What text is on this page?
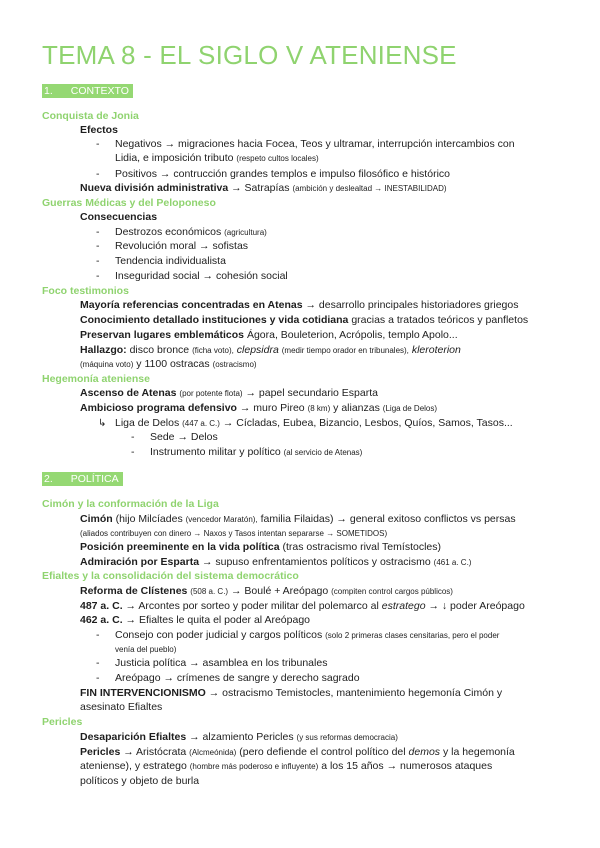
TEMA 8 - EL SIGLO V ATENIENSE
1. CONTEXTO
Conquista de Jonia
Efectos
- Negativos → migraciones hacia Focea, Teos y ultramar, interrupción intercambios con
Lidia, e imposición tributo (respeto cultos locales)
- Positivos → contrucción grandes templos e impulso filosófico e histórico
Nueva división administrativa → Satrapías (ambición y deslealtad → INESTABILIDAD)
Guerras Médicas y del Peloponeso
Consecuencias
- Destrozos económicos (agricultura)
- Revolución moral → sofistas
- Tendencia individualista
- Inseguridad social → cohesión social
Foco testimonios
Mayoría referencias concentradas en Atenas → desarrollo principales historiadores griegos
Conocimiento detallado instituciones y vida cotidiana gracias a tratados teóricos y panfletos
Preservan lugares emblemáticos Ágora, Bouleterion, Acrópolis, templo Apolo...
Hallazgo: disco bronce (ficha voto), clepsidra (medir tiempo orador en tribunales), kleroterion
(máquina voto) y 1100 ostracas (ostracismo)
Hegemonía ateniense
Ascenso de Atenas (por potente flota) → papel secundario Esparta
Ambicioso programa defensivo → muro Pireo (8 km) y alianzas (Liga de Delos)
↳ Liga de Delos (447 a. C.) → Cícladas, Eubea, Bizancio, Lesbos, Quíos, Samos, Tasos...
- Sede → Delos
- Instrumento militar y político (al servicio de Atenas)
2. POLÍTICA
Cimón y la conformación de la Liga
Cimón (hijo Milcíades (vencedor Maratón), familia Filaidas) → general exitoso conflictos vs persas
(aliados contribuyen con dinero → Naxos y Tasos intentan separarse → SOMETIDOS)
Posición preeminente en la vida política (tras ostracismo rival Temístocles)
Admiración por Esparta → supuso enfrentamientos políticos y ostracismo (461 a. C.)
Efialtes y la consolidación del sistema democrático
Reforma de Clístenes (508 a. C.) → Boulé + Areópago (compiten control cargos públicos)
487 a. C. → Arcontes por sorteo y poder militar del polemarco al estratego → ↓ poder Areópago
462 a. C. → Efialtes le quita el poder al Areópago
- Consejo con poder judicial y cargos políticos (solo 2 primeras clases censitarias, pero el poder
venía del pueblo)
- Justicia política → asamblea en los tribunales
- Areópago → crímenes de sangre y derecho sagrado
FIN INTERVENCIONISMO → ostracismo Temistocles, mantenimiento hegemonía Cimón y
asesinato Efialtes
Pericles
Desaparición Efialtes → alzamiento Pericles (y sus reformas democracia)
Pericles → Aristócrata (Alcmeónida) (pero defiende el control político del demos y la hegemonía
ateniense), y estratego (hombre más poderoso e influyente) a los 15 años → numerosos ataques
políticos y objeto de burla
